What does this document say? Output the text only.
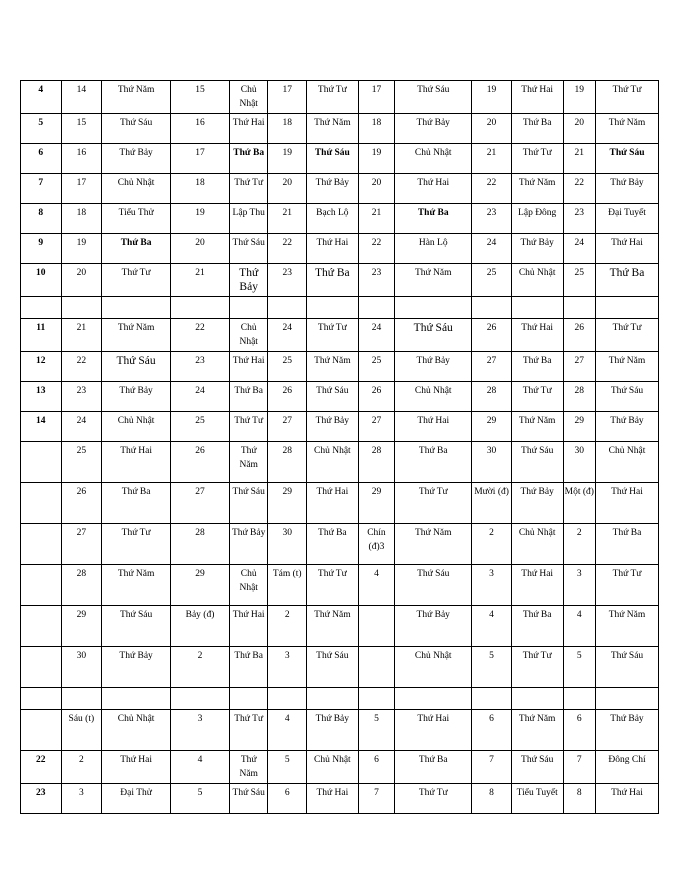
4	14	Thứ Năm	15	Chủ Nhật	17	Thứ Tư	17	Thứ Sáu	19	Thứ Hai	19	Thứ Tư
5	15	Thứ Sáu	16	Thứ Hai	18	Thứ Năm	18	Thứ Bảy	20	Thứ Ba	20	Thứ Năm
6	16	Thứ Bảy	17	Thứ Ba	19	Thứ Sáu	19	Chủ Nhật	21	Thứ Tư	21	Thứ Sáu
7	17	Chủ Nhật	18	Thứ Tư	20	Thứ Bảy	20	Thứ Hai	22	Thứ Năm	22	Thứ Bảy
8	18	Tiểu Thử	19	Lập Thu	21	Bạch Lộ	21	Thứ Ba	23	Lập Đông	23	Đại Tuyết
9	19	Thứ Ba	20	Thứ Sáu	22	Thứ Hai	22	Hàn Lộ	24	Thứ Bảy	24	Thứ Hai
10	20	Thứ Tư	21	Thứ Bảy	23	Thứ Ba	23	Thứ Năm	25	Chủ Nhật	25	Thứ Ba

11	21	Thứ Năm	22	Chủ Nhật	24	Thứ Tư	24	Thứ Sáu	26	Thứ Hai	26	Thứ Tư
12	22	Thứ Sáu	23	Thứ Hai	25	Thứ Năm	25	Thứ Bảy	27	Thứ Ba	27	Thứ Năm
13	23	Thứ Bảy	24	Thứ Ba	26	Thứ Sáu	26	Chủ Nhật	28	Thứ Tư	28	Thứ Sáu
14	24	Chủ Nhật	25	Thứ Tư	27	Thứ Bảy	27	Thứ Hai	29	Thứ Năm	29	Thứ Bảy
	25	Thứ Hai	26	Thứ Năm	28	Chủ Nhật	28	Thứ Ba	30	Thứ Sáu	30	Chủ Nhật
	26	Thứ Ba	27	Thứ Sáu	29	Thứ Hai	29	Thứ Tư	Mười (đ)	Thứ Bảy	Một (đ)	Thứ Hai
	27	Thứ Tư	28	Thứ Bảy	30	Thứ Ba	Chín (đ)3	Thứ Năm	2	Chủ Nhật	2	Thứ Ba
	28	Thứ Năm	29	Chủ Nhật	Tám (t)	Thứ Tư	4	Thứ Sáu	3	Thứ Hai	3	Thứ Tư
	29	Thứ Sáu	Bảy (đ)	Thứ Hai	2	Thứ Năm		Thứ Bảy	4	Thứ Ba	4	Thứ Năm
	30	Thứ Bảy	2	Thứ Ba	3	Thứ Sáu		Chủ Nhật	5	Thứ Tư	5	Thứ Sáu

	Sáu (t)	Chủ Nhật	3	Thứ Tư	4	Thứ Bảy	5	Thứ Hai	6	Thứ Năm	6	Thứ Bảy
22	2	Thứ Hai	4	Thứ Năm	5	Chủ Nhật	6	Thứ Ba	7	Thứ Sáu	7	Đông Chí
23	3	Đại Thử	5	Thứ Sáu	6	Thứ Hai	7	Thứ Tư	8	Tiểu Tuyết	8	Thứ Hai
